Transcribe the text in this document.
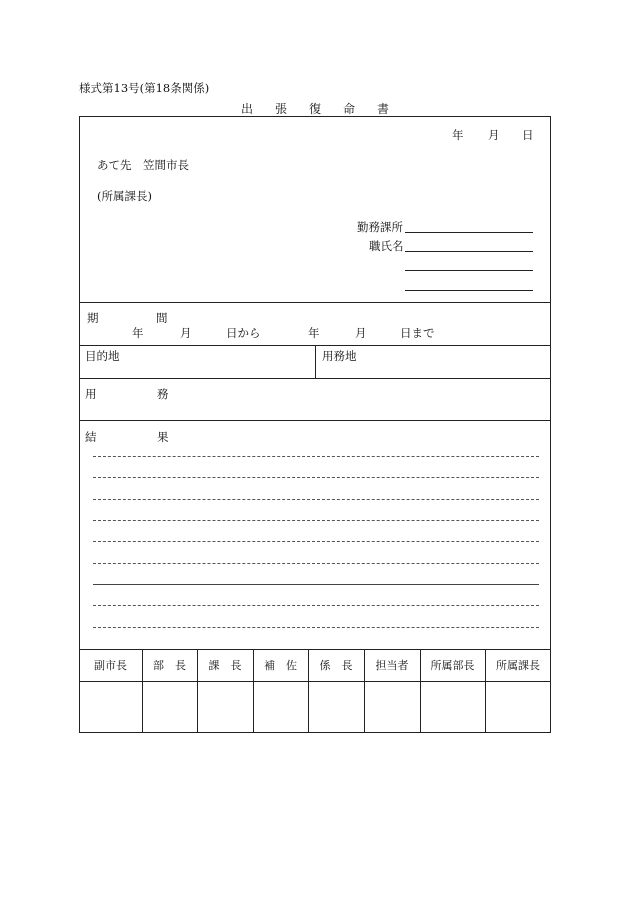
様式第13号(第18条関係)
出 張 復 命 書
年 月 日
あて先　笠間市長
(所属課長)
勤務課所
職氏名
期	間
年	月	日から	年	月	日まで
目的地	用務地
用	務
結	果
副市長	部　長	課　長	補　佐	係　長	担当者	所属部長	所属課長
